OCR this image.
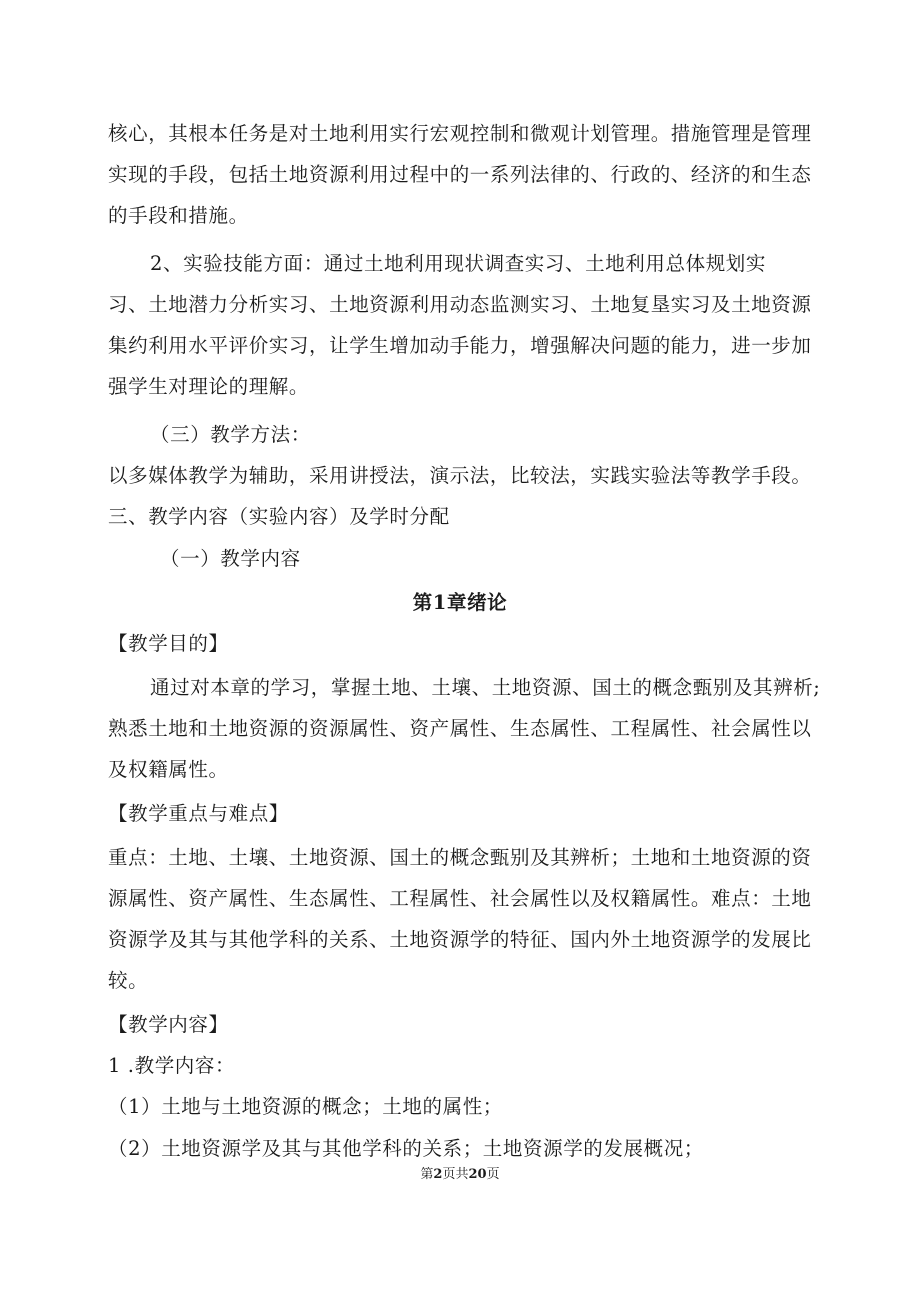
核心，其根本任务是对土地利用实行宏观控制和微观计划管理。措施管理是管理
实现的手段，包括土地资源利用过程中的一系列法律的、行政的、经济的和生态
的手段和措施。
2、实验技能方面：通过土地利用现状调查实习、土地利用总体规划实
习、土地潜力分析实习、土地资源利用动态监测实习、土地复垦实习及土地资源
集约利用水平评价实习，让学生增加动手能力，增强解决问题的能力，进一步加
强学生对理论的理解。
（三）教学方法：
以多媒体教学为辅助，采用讲授法，演示法，比较法，实践实验法等教学手段。
三、教学内容（实验内容）及学时分配
（一）教学内容
第1章绪论
【教学目的】
通过对本章的学习，掌握土地、土壤、土地资源、国土的概念甄别及其辨析;
熟悉土地和土地资源的资源属性、资产属性、生态属性、工程属性、社会属性以
及权籍属性。
【教学重点与难点】
重点：土地、土壤、土地资源、国土的概念甄别及其辨析；土地和土地资源的资
源属性、资产属性、生态属性、工程属性、社会属性以及权籍属性。难点：土地
资源学及其与其他学科的关系、土地资源学的特征、国内外土地资源学的发展比
较。
【教学内容】
1 .教学内容：
（1）土地与土地资源的概念；土地的属性；
（2）土地资源学及其与其他学科的关系；土地资源学的发展概况；
第2页共20页
